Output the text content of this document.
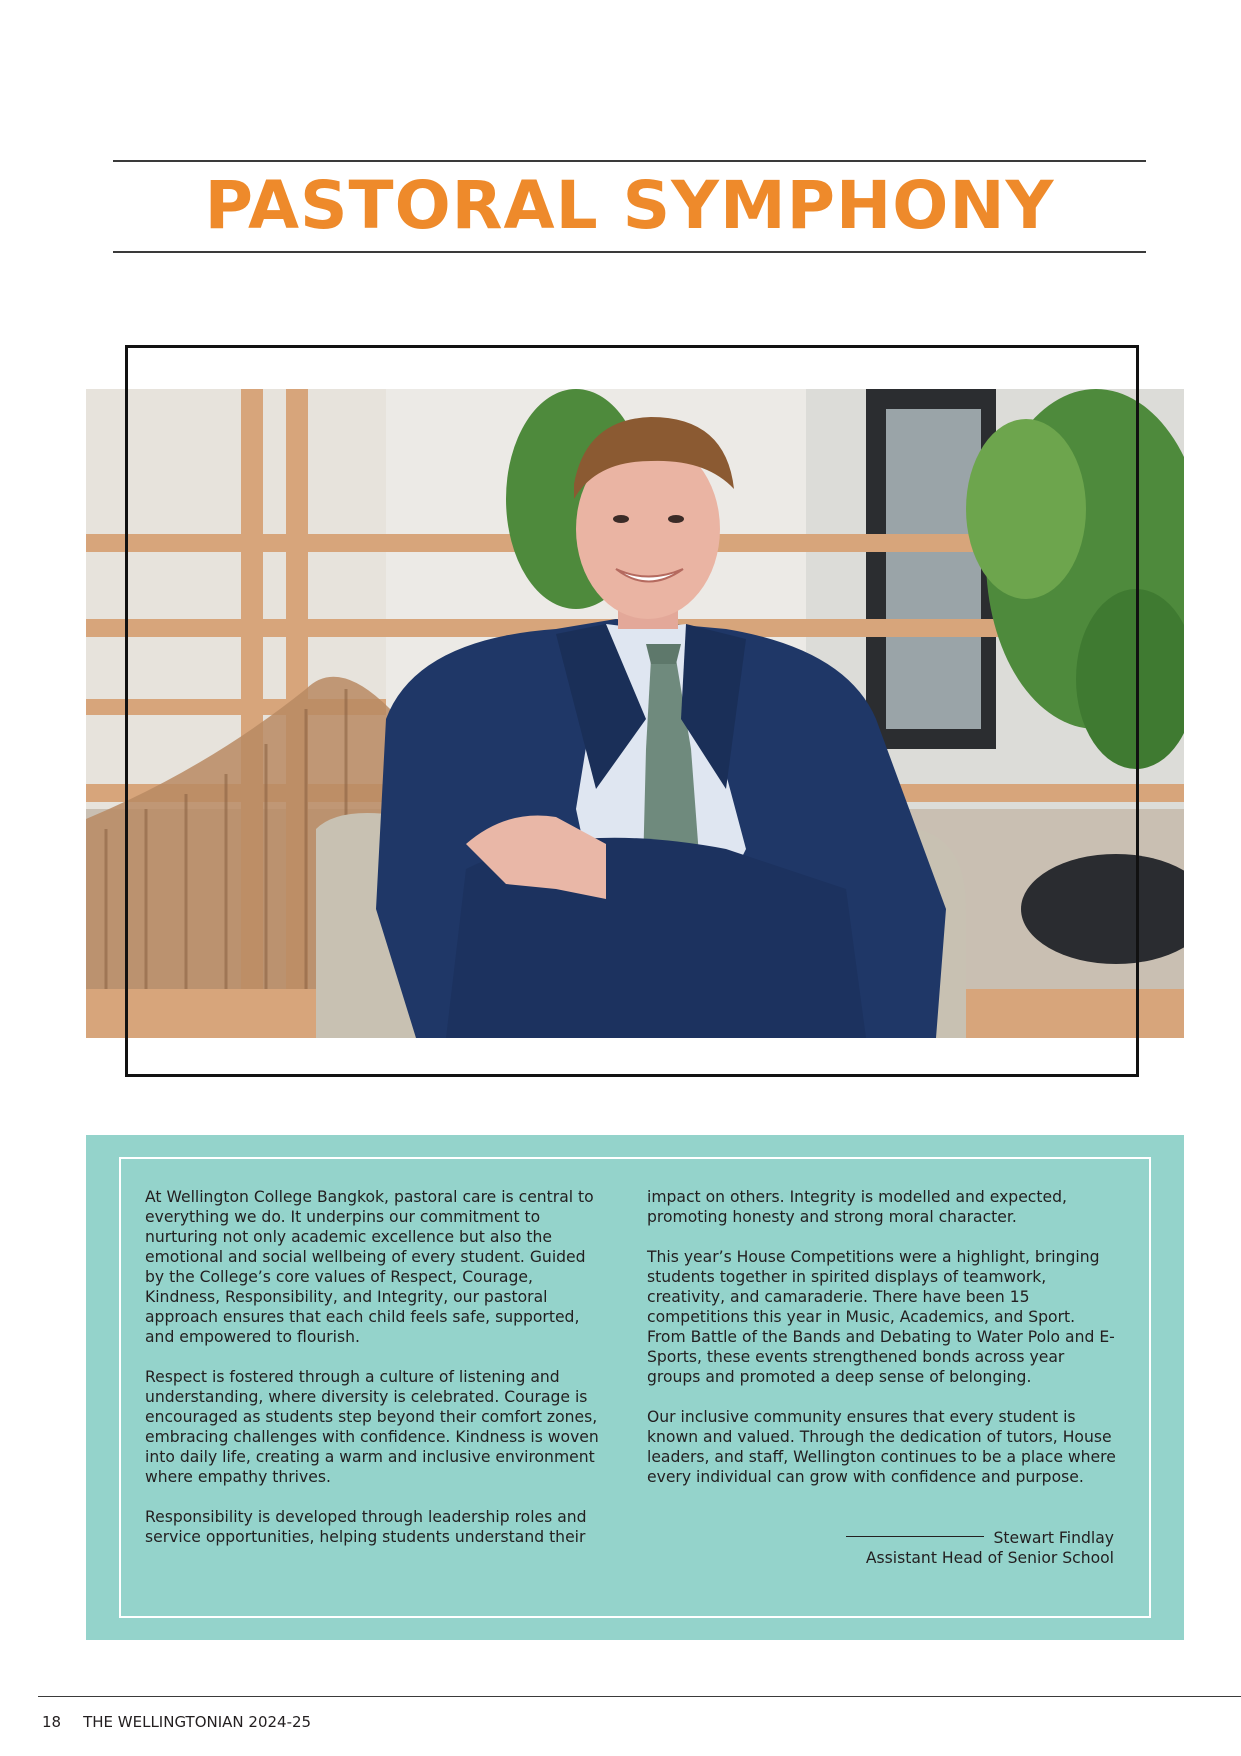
PASTORAL SYMPHONY

At Wellington College Bangkok, pastoral care is central to everything we do. It underpins our commitment to nurturing not only academic excellence but also the emotional and social wellbeing of every student. Guided by the College’s core values of Respect, Courage, Kindness, Responsibility, and Integrity, our pastoral approach ensures that each child feels safe, supported, and empowered to flourish.

Respect is fostered through a culture of listening and understanding, where diversity is celebrated. Courage is encouraged as students step beyond their comfort zones, embracing challenges with confidence. Kindness is woven into daily life, creating a warm and inclusive environment where empathy thrives.

Responsibility is developed through leadership roles and service opportunities, helping students understand their

impact on others. Integrity is modelled and expected, promoting honesty and strong moral character.

This year’s House Competitions were a highlight, bringing students together in spirited displays of teamwork, creativity, and camaraderie. There have been 15 competitions this year in Music, Academics, and Sport. From Battle of the Bands and Debating to Water Polo and E-Sports, these events strengthened bonds across year groups and promoted a deep sense of belonging.

Our inclusive community ensures that every student is known and valued. Through the dedication of tutors, House leaders, and staff, Wellington continues to be a place where every individual can grow with confidence and purpose.

Stewart Findlay
Assistant Head of Senior School
18 THE WELLINGTONIAN 2024-25
